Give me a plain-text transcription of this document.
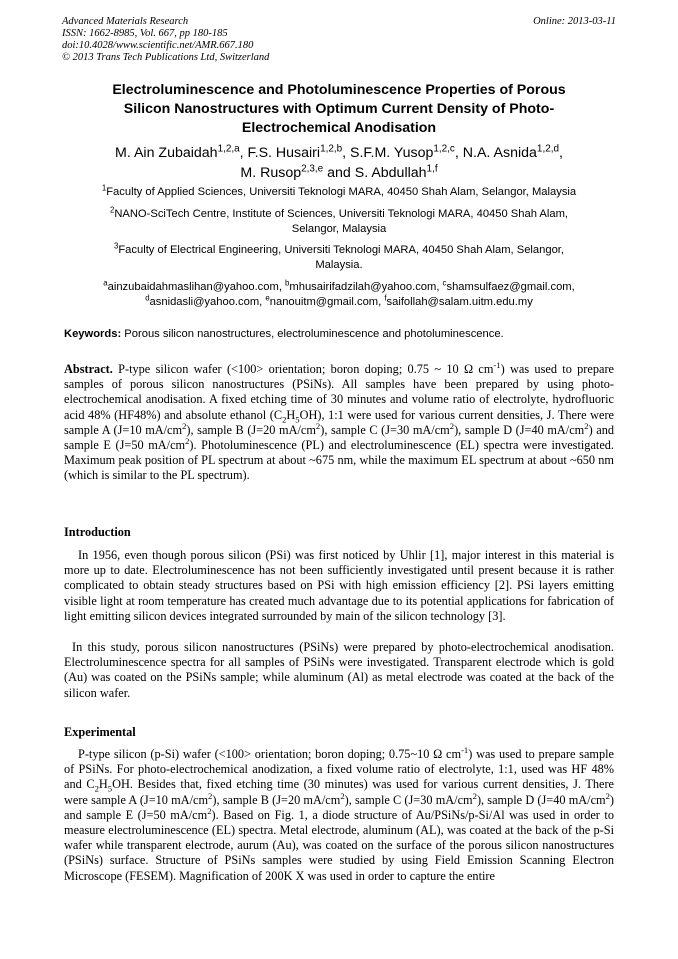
Advanced Materials Research
ISSN: 1662-8985, Vol. 667, pp 180-185
doi:10.4028/www.scientific.net/AMR.667.180
© 2013 Trans Tech Publications Ltd, Switzerland
Online: 2013-03-11
Electroluminescence and Photoluminescence Properties of Porous
Silicon Nanostructures with Optimum Current Density of Photo-
Electrochemical Anodisation
M. Ain Zubaidah$^{1,2,a}$, F.S. Husairi$^{1,2,b}$, S.F.M. Yusop$^{1,2,c}$, N.A. Asnida$^{1,2,d}$,
M. Rusop$^{2,3,e}$ and S. Abdullah$^{1,f}$
$^1$Faculty of Applied Sciences, Universiti Teknologi MARA, 40450 Shah Alam, Selangor, Malaysia
$^2$NANO-SciTech Centre, Institute of Sciences, Universiti Teknologi MARA, 40450 Shah Alam,
Selangor, Malaysia
$^3$Faculty of Electrical Engineering, Universiti Teknologi MARA, 40450 Shah Alam, Selangor,
Malaysia.
$^a$ainzubaidahmaslihan@yahoo.com, $^b$mhusairifadzilah@yahoo.com, $^c$shamsulfaez@gmail.com,
$^d$asnidasli@yahoo.com, $^e$nanouitm@gmail.com, $^f$saifollah@salam.uitm.edu.my
Keywords: Porous silicon nanostructures, electroluminescence and photoluminescence.

Abstract. P-type silicon wafer (<100> orientation; boron doping; 0.75 ~ 10 Ω $cm^{-1}$) was used to prepare samples of porous silicon nanostructures (PSiNs). All samples have been prepared by using photo-electrochemical anodisation. A fixed etching time of 30 minutes and volume ratio of electrolyte, hydrofluoric acid 48% (HF48%) and absolute ethanol $(C_2H_5OH)$, 1:1 were used for various current densities, J. There were sample A (J=10 $mA/cm^2$), sample B (J=20 $mA/cm^2$), sample C (J=30 $mA/cm^2$), sample D (J=40 $mA/cm^2$) and sample E (J=50 $mA/cm^2$). Photoluminescence (PL) and electroluminescence (EL) spectra were investigated. Maximum peak position of PL spectrum at about ~675 nm, while the maximum EL spectrum at about ~650 nm (which is similar to the PL spectrum).

Introduction

In 1956, even though porous silicon (PSi) was first noticed by Uhlir [1], major interest in this material is more up to date. Electroluminescence has not been sufficiently investigated until present because it is rather complicated to obtain steady structures based on PSi with high emission efficiency [2]. PSi layers emitting visible light at room temperature has created much advantage due to its potential applications for fabrication of light emitting silicon devices integrated surrounded by main of the silicon technology [3].

In this study, porous silicon nanostructures (PSiNs) were prepared by photo-electrochemical anodisation. Electroluminescence spectra for all samples of PSiNs were investigated. Transparent electrode which is gold (Au) was coated on the PSiNs sample; while aluminum (Al) as metal electrode was coated at the back of the silicon wafer.

Experimental

P-type silicon (p-Si) wafer (<100> orientation; boron doping; 0.75~10 Ω $cm^{-1}$) was used to prepare sample of PSiNs. For photo-electrochemical anodization, a fixed volume ratio of electrolyte, 1:1, used was HF 48% and $C_2H_5OH$. Besides that, fixed etching time (30 minutes) was used for various current densities, J. There were sample A (J=10 $mA/cm^2$), sample B (J=20 $mA/cm^2$), sample C (J=30 $mA/cm^2$), sample D (J=40 $mA/cm^2$) and sample E (J=50 $mA/cm^2$). Based on Fig. 1, a diode structure of Au/PSiNs/p-Si/Al was used in order to measure electroluminescence (EL) spectra. Metal electrode, aluminum (AL), was coated at the back of the p-Si wafer while transparent electrode, aurum (Au), was coated on the surface of the porous silicon nanostructures (PSiNs) surface. Structure of PSiNs samples were studied by using Field Emission Scanning Electron Microscope (FESEM). Magnification of 200K X was used in order to capture the entire
